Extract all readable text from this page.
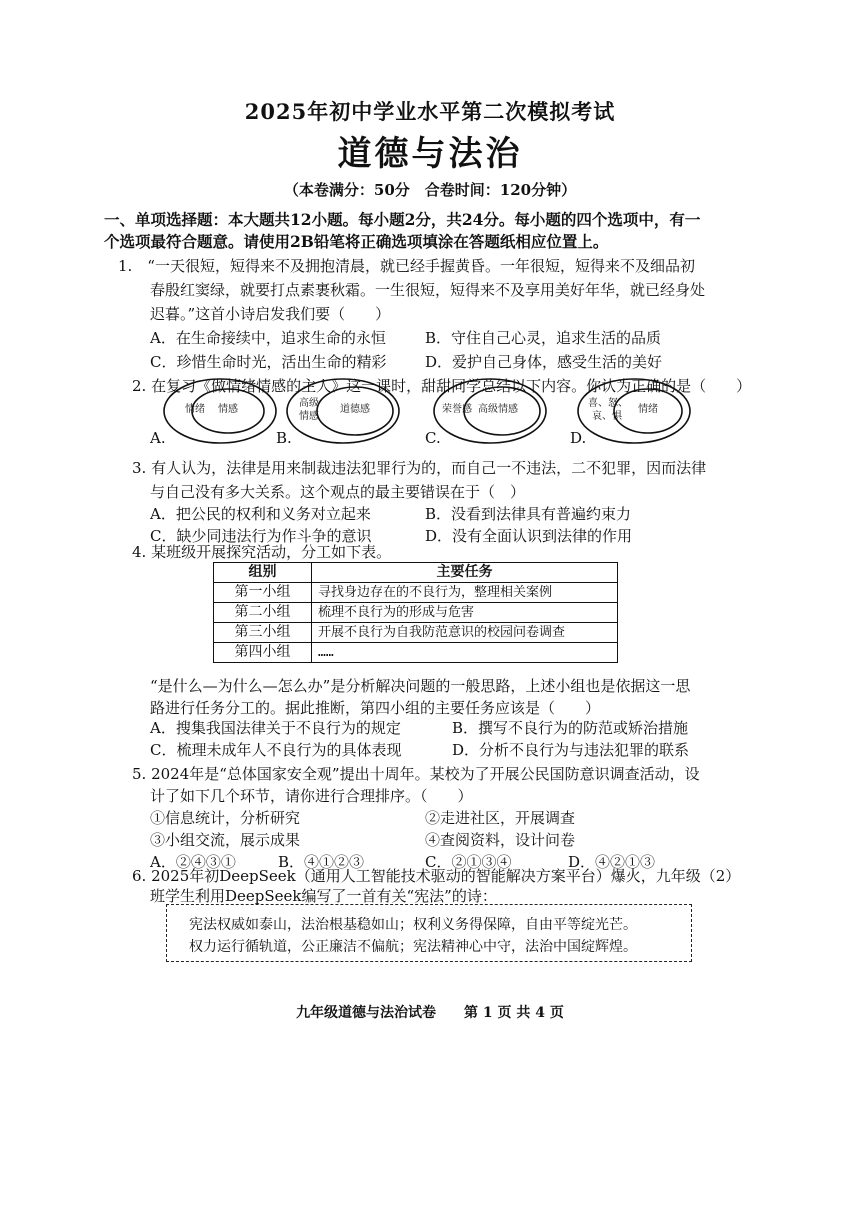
2025年初中学业水平第二次模拟考试
道德与法治
（本卷满分：50分　合卷时间：120分钟）
一、单项选择题：本大题共12小题。每小题2分，共24分。每小题的四个选项中，有一
个选项最符合题意。请使用2B铅笔将正确选项填涂在答题纸相应位置上。
1.　“一天很短，短得来不及拥抱清晨，就已经手握黄昏。一年很短，短得来不及细品初
春殷红窦绿，就要打点素裹秋霜。一生很短，短得来不及享用美好年华，就已经身处
迟暮。”这首小诗启发我们要（　　）
A．在生命接续中，追求生命的永恒	B．守住自己心灵，追求生活的品质
C．珍惜生命时光，活出生命的精彩	D．爱护自己身体，感受生活的美好
2. 在复习《做情绪情感的主人》这一课时，甜甜同学总结以下内容。你认为正确的是（　　）
情绪 情感
高级
情感
道德感	荣誉感 高级情感
喜、怒、
哀、惧
情绪
A.	B.	C.	D.
3. 有人认为，法律是用来制裁违法犯罪行为的，而自己一不违法，二不犯罪，因而法律
与自己没有多大关系。这个观点的最主要错误在于（　）
A．把公民的权利和义务对立起来	B．没看到法律具有普遍约束力
C．缺少同违法行为作斗争的意识	D．没有全面认识到法律的作用
4. 某班级开展探究活动，分工如下表。
组别	主要任务
第一小组	寻找身边存在的不良行为，整理相关案例
第二小组	梳理不良行为的形成与危害
第三小组	开展不良行为自我防范意识的校园问卷调查
第四小组	……
“是什么—为什么—怎么办”是分析解决问题的一般思路，上述小组也是依据这一思
路进行任务分工的。据此推断，第四小组的主要任务应该是（　　）
A．搜集我国法律关于不良行为的规定	B．撰写不良行为的防范或矫治措施
C．梳理未成年人不良行为的具体表现	D．分析不良行为与违法犯罪的联系
5. 2024年是“总体国家安全观”提出十周年。某校为了开展公民国防意识调查活动，设
计了如下几个环节，请你进行合理排序。（　　）
①信息统计，分析研究	②走进社区，开展调查
③小组交流，展示成果	④查阅资料，设计问卷
A．②④③①	B．④①②③	C．②①③④	D．④②①③
6. 2025年初DeepSeek（通用人工智能技术驱动的智能解决方案平台）爆火，九年级（2）
班学生利用DeepSeek编写了一首有关“宪法”的诗：
宪法权威如泰山，法治根基稳如山；权利义务得保障，自由平等绽光芒。
权力运行循轨道，公正廉洁不偏航；宪法精神心中守，法治中国绽辉煌。
九年级道德与法治试卷　　第 1 页 共 4 页
